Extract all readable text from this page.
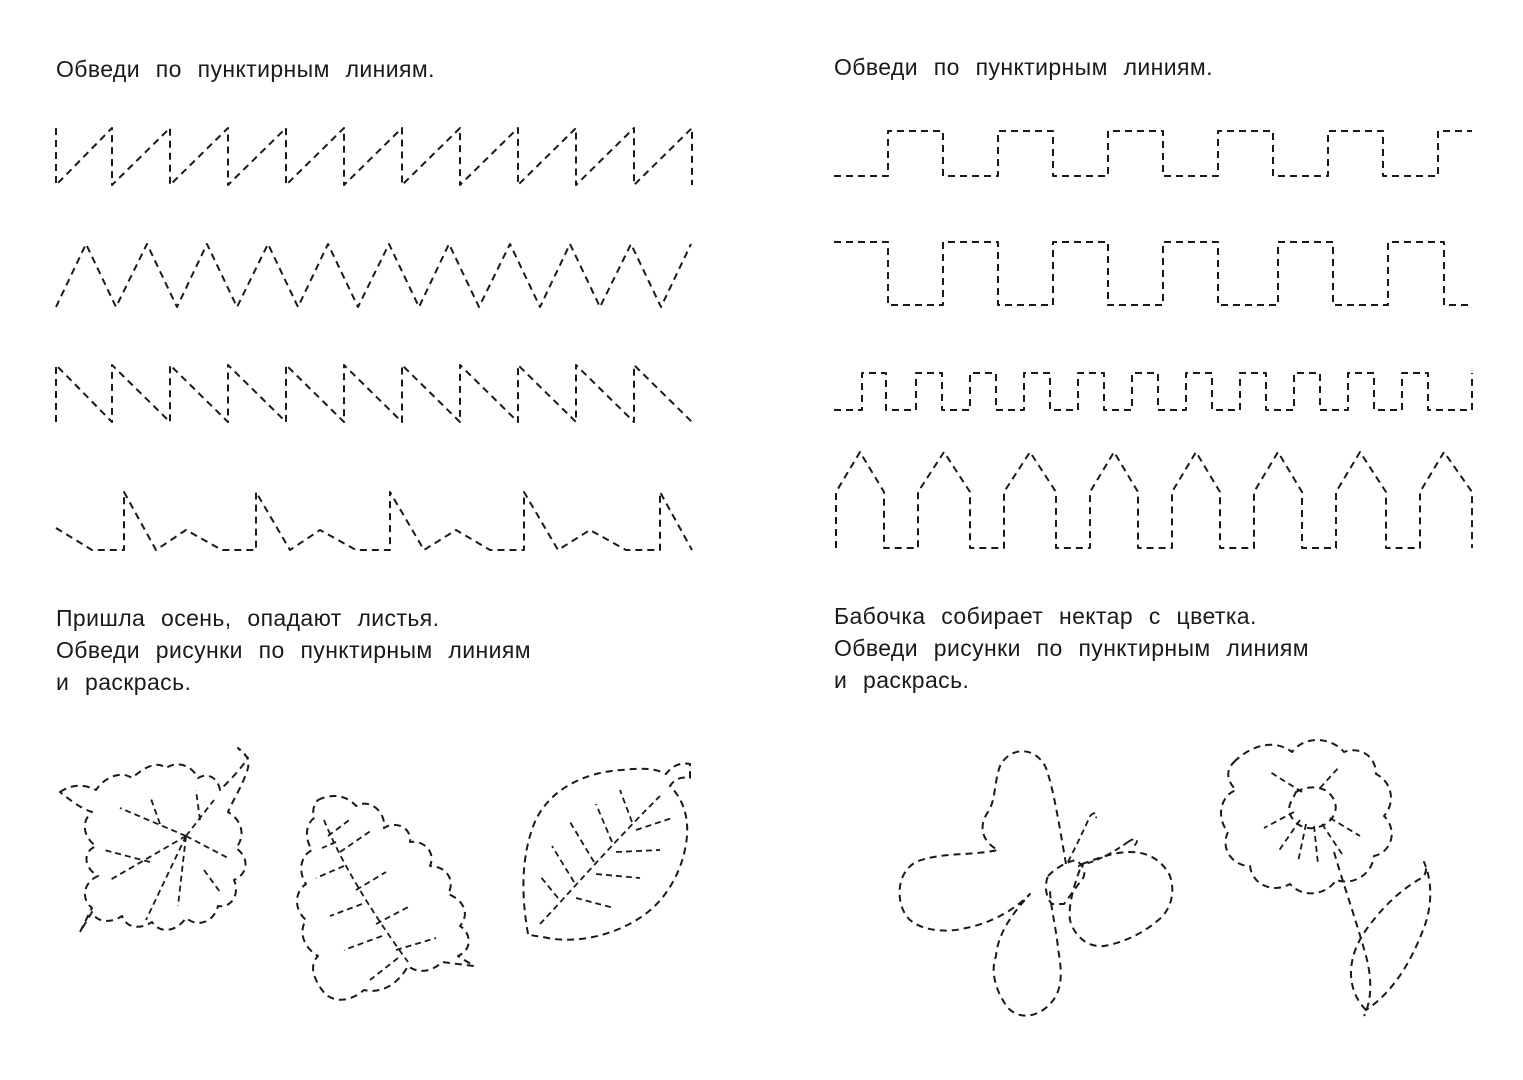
Обведи по пунктирным линиям.	Обведи по пунктирным линиям.

Пришла осень, опадают листья.

Обведи рисунки по пунктирным линиям

и раскрась.

Бабочка собирает нектар с цветка.

Обведи рисунки по пунктирным линиям

и раскрась.
